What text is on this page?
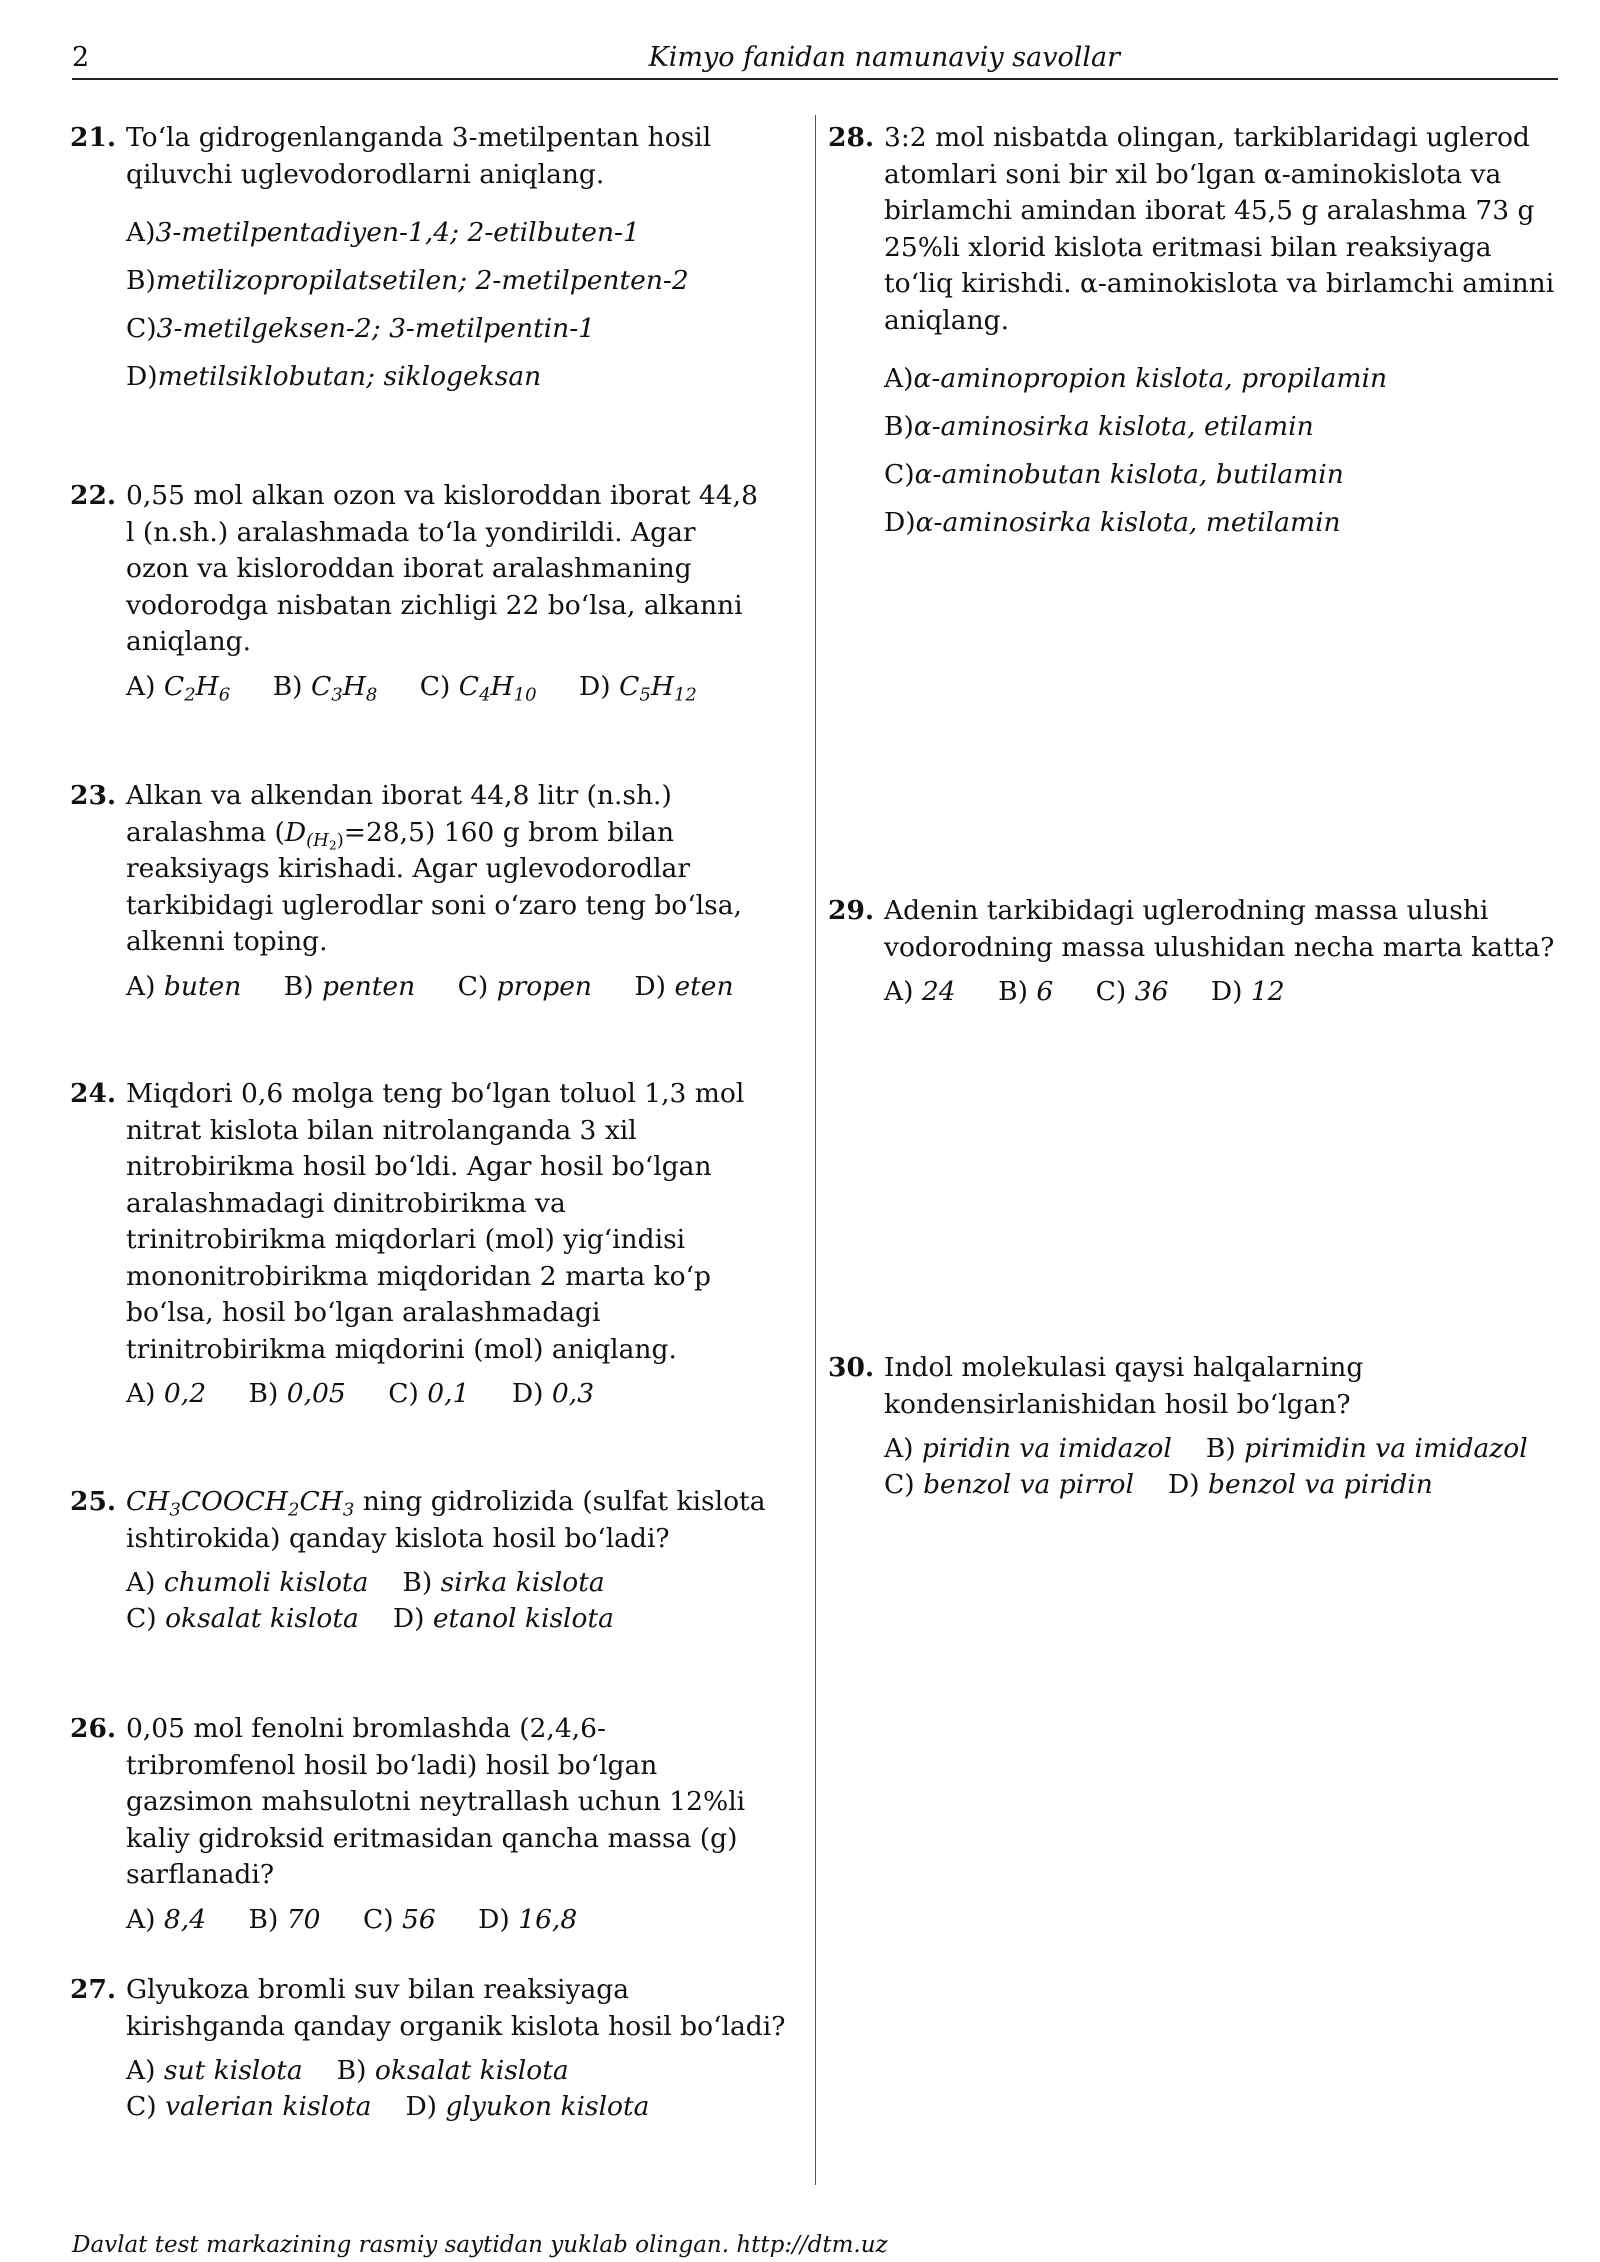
2	Kimyo fanidan namunaviy savollar
21. To‘la gidrogenlanganda 3-metilpentan hosil qiluvchi uglevodorodlarni aniqlang.
A)3-metilpentadiyen-1,4; 2-etilbuten-1
B)metilizopropilatsetilen; 2-metilpenten-2
C)3-metilgeksen-2; 3-metilpentin-1
D)metilsiklobutan; siklogeksan
22. 0,55 mol alkan ozon va kisloroddan iborat 44,8 l (n.sh.) aralashmada to‘la yondirildi. Agar ozon va kisloroddan iborat aralashmaning vodorodga nisbatan zichligi 22 bo‘lsa, alkanni aniqlang.
A) $C_2H_6$ B) $C_3H_8$ C) $C_4H_{10}$ D) $C_5H_{12}$
23. Alkan va alkendan iborat 44,8 litr (n.sh.) aralashma $(D_{(H_2)}=28,5)$ 160 g brom bilan reaksiyags kirishadi. Agar uglevodorodlar tarkibidagi uglerodlar soni o‘zaro teng bo‘lsa, alkenni toping.
A) buten B) penten C) propen D) eten
24. Miqdori 0,6 molga teng bo‘lgan toluol 1,3 mol nitrat kislota bilan nitrolanganda 3 xil nitrobirikma hosil bo‘ldi. Agar hosil bo‘lgan aralashmadagi dinitrobirikma va trinitrobirikma miqdorlari (mol) yig‘indisi mononitrobirikma miqdoridan 2 marta ko‘p bo‘lsa, hosil bo‘lgan aralashmadagi trinitrobirikma miqdorini (mol) aniqlang.
A) 0,2 B) 0,05 C) 0,1 D) 0,3
25. $CH_3COOCH_2CH_3$ ning gidrolizida (sulfat kislota ishtirokida) qanday kislota hosil bo‘ladi?
A) chumoli kislota B) sirka kislota
C) oksalat kislota D) etanol kislota
26. 0,05 mol fenolni bromlashda (2,4,6-tribromfenol hosil bo‘ladi) hosil bo‘lgan gazsimon mahsulotni neytrallash uchun 12%li kaliy gidroksid eritmasidan qancha massa (g) sarflanadi?
A) 8,4 B) 70 C) 56 D) 16,8
27. Glyukoza bromli suv bilan reaksiyaga kirishganda qanday organik kislota hosil bo‘ladi?
A) sut kislota B) oksalat kislota
C) valerian kislota D) glyukon kislota
28. 3:2 mol nisbatda olingan, tarkiblaridagi uglerod atomlari soni bir xil bo‘lgan α-aminokislota va birlamchi amindan iborat 45,5 g aralashma 73 g 25%li xlorid kislota eritmasi bilan reaksiyaga to‘liq kirishdi. α-aminokislota va birlamchi aminni aniqlang.
A)α-aminopropion kislota, propilamin
B)α-aminosirka kislota, etilamin
C)α-aminobutan kislota, butilamin
D)α-aminosirka kislota, metilamin
29. Adenin tarkibidagi uglerodning massa ulushi vodorodning massa ulushidan necha marta katta?
A) 24 B) 6 C) 36 D) 12
30. Indol molekulasi qaysi halqalarning kondensirlanishidan hosil bo‘lgan?
A) piridin va imidazol B) pirimidin va imidazol
C) benzol va pirrol D) benzol va piridin
Davlat test markazining rasmiy saytidan yuklab olingan. http://dtm.uz
